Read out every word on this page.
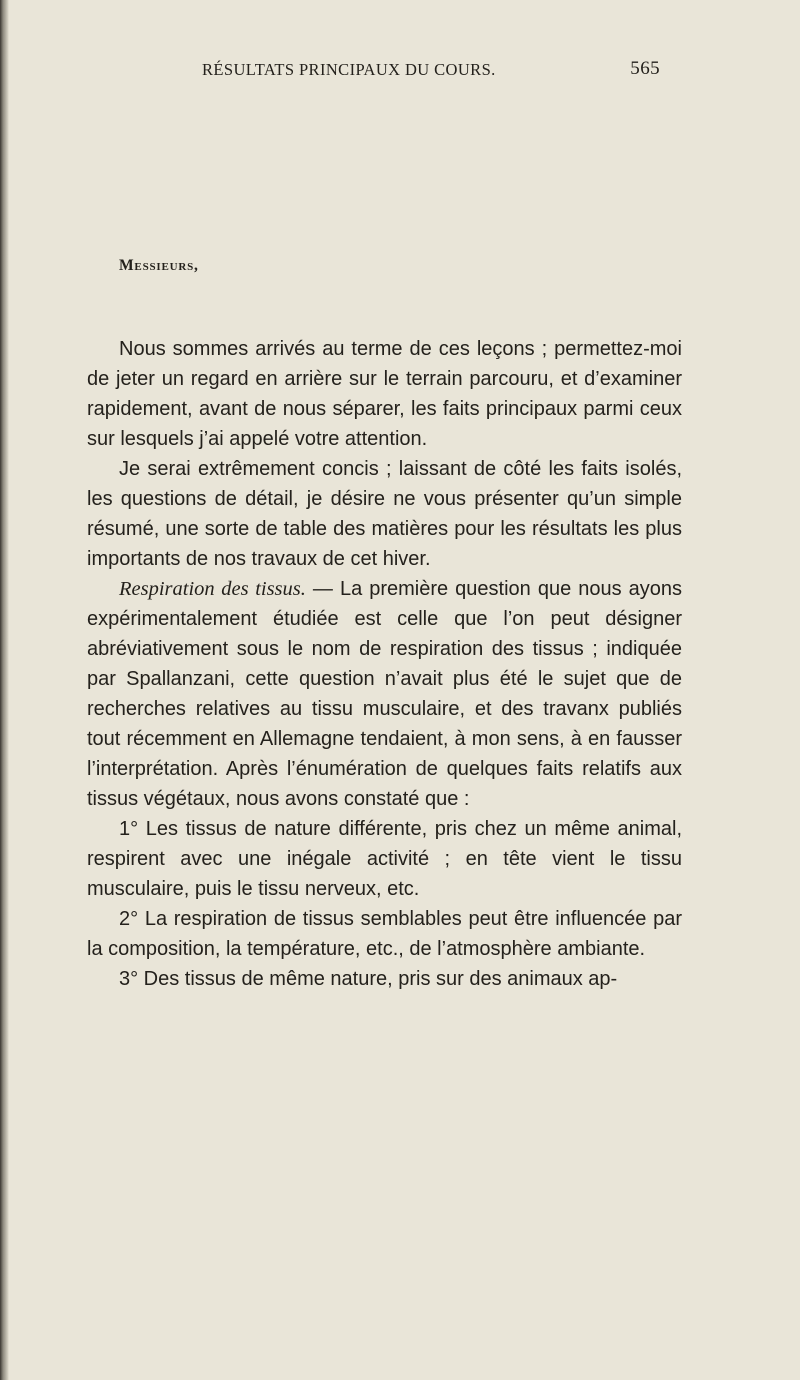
RÉSULTATS PRINCIPAUX DU COURS.	565
Messieurs,

Nous sommes arrivés au terme de ces leçons ; permettez-moi de jeter un regard en arrière sur le terrain parcouru, et d’examiner rapidement, avant de nous séparer, les faits principaux parmi ceux sur lesquels j’ai appelé votre attention.

Je serai extrêmement concis ; laissant de côté les faits isolés, les questions de détail, je désire ne vous présenter qu’un simple résumé, une sorte de table des matières pour les résultats les plus importants de nos travaux de cet hiver.

Respiration des tissus. — La première question que nous ayons expérimentalement étudiée est celle que l’on peut désigner abréviativement sous le nom de respiration des tissus ; indiquée par Spallanzani, cette question n’avait plus été le sujet que de recherches relatives au tissu musculaire, et des travanx publiés tout récemment en Allemagne tendaient, à mon sens, à en fausser l’interprétation. Après l’énumération de quelques faits relatifs aux tissus végétaux, nous avons constaté que :

1° Les tissus de nature différente, pris chez un même animal, respirent avec une inégale activité ; en tête vient le tissu musculaire, puis le tissu nerveux, etc.

2° La respiration de tissus semblables peut être influencée par la composition, la température, etc., de l’atmosphère ambiante.

3° Des tissus de même nature, pris sur des animaux ap-
